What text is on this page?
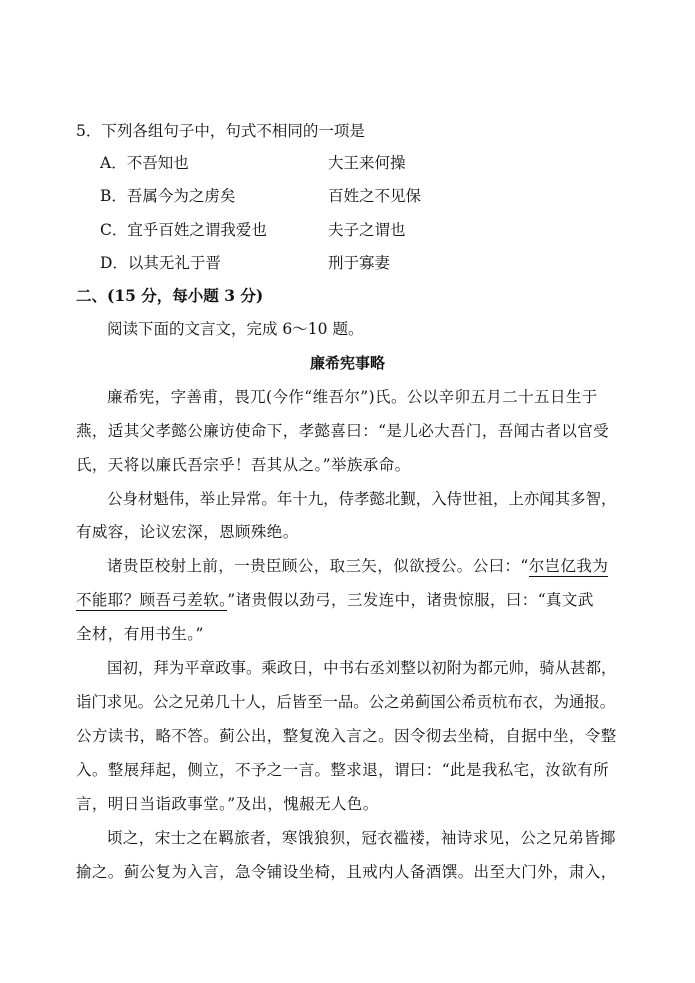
5．下列各组句子中，句式不相同的一项是
A．不吾知也	大王来何操
B．吾属今为之虏矣	百姓之不见保
C．宜乎百姓之谓我爱也	夫子之谓也
D．以其无礼于晋	刑于寡妻
二、(15 分，每小题 3 分)
阅读下面的文言文，完成 6～10 题。
廉希宪事略
廉希宪，字善甫，畏兀(今作“维吾尔”)氏。公以辛卯五月二十五日生于
燕，适其父孝懿公廉访使命下，孝懿喜曰：“是儿必大吾门，吾闻古者以官受
氏，天将以廉氏吾宗乎！吾其从之。”举族承命。
公身材魁伟，举止异常。年十九，侍孝懿北觐，入侍世祖，上亦闻其多智，
有威容，论议宏深，恩顾殊绝。
诸贵臣校射上前，一贵臣顾公，取三矢，似欲授公。公曰：“尔岂亿我为
不能耶？顾吾弓差软。”诸贵假以劲弓，三发连中，诸贵惊服，曰：“真文武
全材，有用书生。”
国初，拜为平章政事。乘政日，中书右丞刘整以初附为都元帅，骑从甚都，
诣门求见。公之兄弟几十人，后皆至一品。公之弟蓟国公希贡杭布衣，为通报。
公方读书，略不答。蓟公出，整复浼入言之。因令彻去坐椅，自据中坐，令整
入。整展拜起，侧立，不予之一言。整求退，谓曰：“此是我私宅，汝欲有所
言，明日当诣政事堂。”及出，愧赧无人色。
顷之，宋士之在羁旅者，寒饿狼狈，冠衣褴褛，袖诗求见，公之兄弟皆揶
揄之。蓟公复为入言，急令铺设坐椅，且戒内人备酒馔。出至大门外，肃入，
